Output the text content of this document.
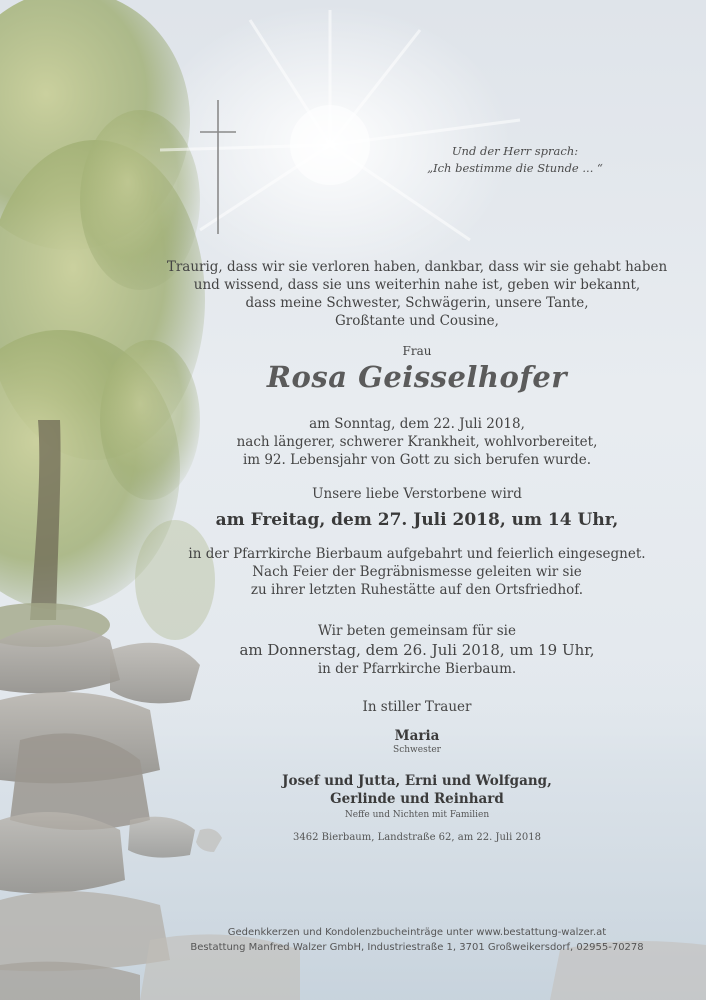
Und der Herr sprach:
„Ich bestimme die Stunde ... “
Traurig, dass wir sie verloren haben, dankbar, dass wir sie gehabt haben
und wissend, dass sie uns weiterhin nahe ist, geben wir bekannt,
dass meine Schwester, Schwägerin, unsere Tante,
Großtante und Cousine,
Frau
Rosa Geisselhofer
am Sonntag, dem 22. Juli 2018,
nach längerer, schwerer Krankheit, wohlvorbereitet,
im 92. Lebensjahr von Gott zu sich berufen wurde.
Unsere liebe Verstorbene wird
am Freitag, dem 27. Juli 2018, um 14 Uhr,
in der Pfarrkirche Bierbaum aufgebahrt und feierlich eingesegnet.
Nach Feier der Begräbnismesse geleiten wir sie
zu ihrer letzten Ruhestätte auf den Ortsfriedhof.
Wir beten gemeinsam für sie
am Donnerstag, dem 26. Juli 2018, um 19 Uhr,
in der Pfarrkirche Bierbaum.
In stiller Trauer
Maria
Schwester
Josef und Jutta, Erni und Wolfgang,
Gerlinde und Reinhard
Neffe und Nichten mit Familien
3462 Bierbaum, Landstraße 62, am 22. Juli 2018
Gedenkkerzen und Kondolenzbucheinträge unter www.bestattung-walzer.at
Bestattung Manfred Walzer GmbH, Industriestraße 1, 3701 Großweikersdorf, 02955-70278
